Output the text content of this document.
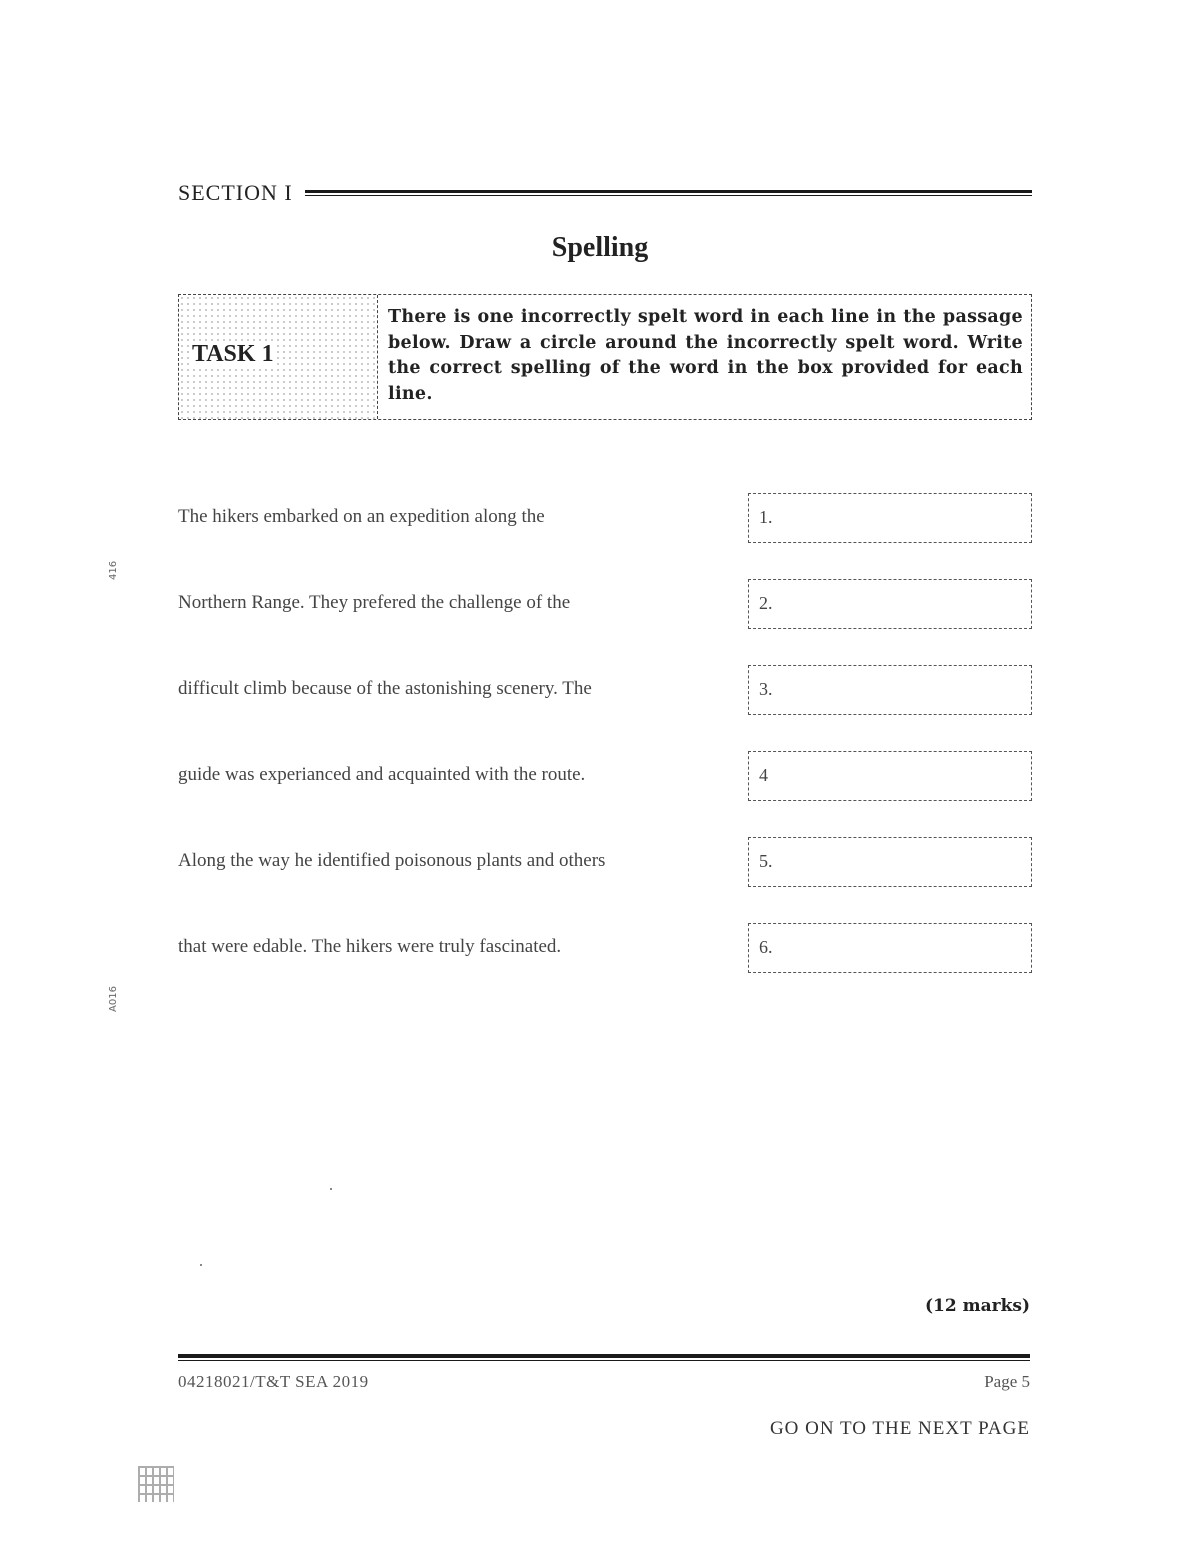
SECTION I
Spelling
TASK 1
There is one incorrectly spelt word in each line in the passage below. Draw a circle around the incorrectly spelt word. Write the correct spelling of the word in the box provided for each line.
The hikers embarked on an expedition along the	1.
Northern Range. They prefered the challenge of the	2.
difficult climb because of the astonishing scenery. The	3.
guide was experianced and acquainted with the route.	4
Along the way he identified poisonous plants and others	5.
that were edable. The hikers were truly fascinated.	6.
416
A016
(12 marks)
04218021/T&T SEA 2019	Page 5
GO ON TO THE NEXT PAGE
